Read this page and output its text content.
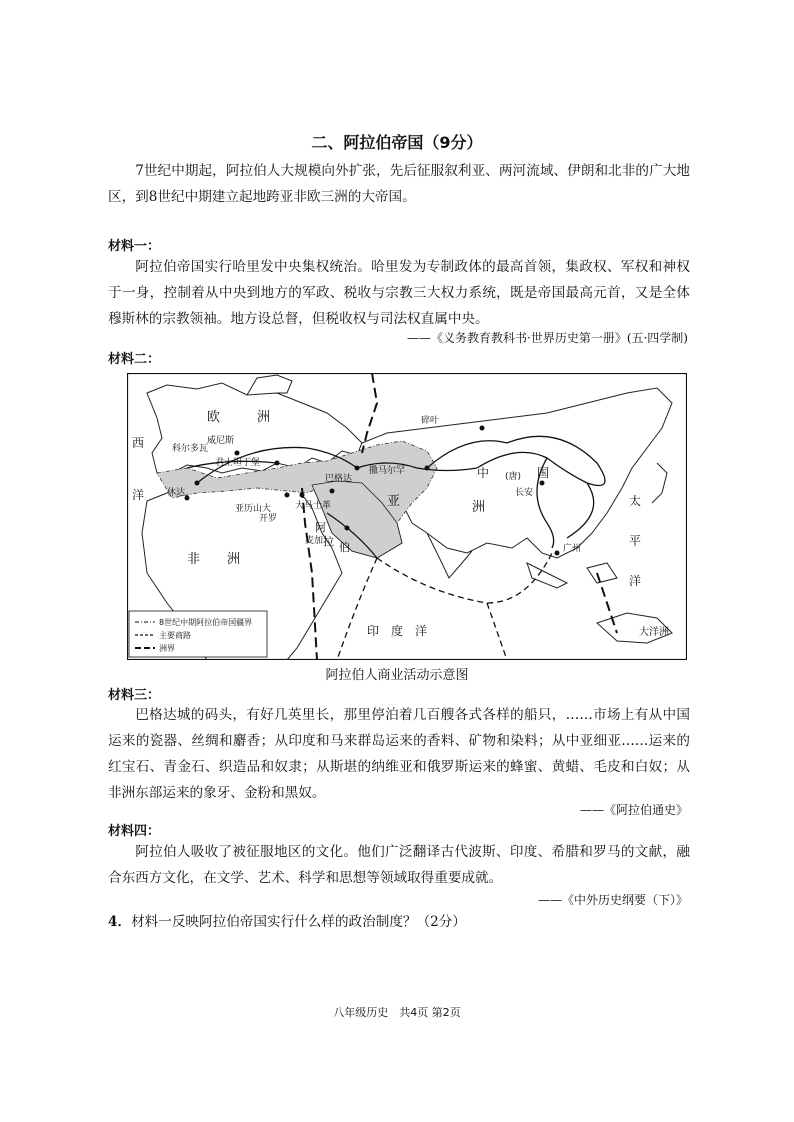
二、阿拉伯帝国（9分）

7世纪中期起，阿拉伯人大规模向外扩张，先后征服叙利亚、两河流域、伊朗和北非的广大地区，到8世纪中期建立起地跨亚非欧三洲的大帝国。

材料一：

阿拉伯帝国实行哈里发中央集权统治。哈里发为专制政体的最高首领，集政权、军权和神权于一身，控制着从中央到地方的军政、税收与宗教三大权力系统，既是帝国最高元首，又是全体穆斯林的宗教领袖。地方设总督，但税收权与司法权直属中央。

——《义务教育教科书·世界历史第一册》(五·四学制)
材料二：
欧	洲
西
洋
非 洲
亚	洲
中	国
(唐)
太
平
洋
印　度　洋
阿
拉 伯
大洋洲
科尔多瓦
威尼斯
君士坦丁堡
巴格达
大马士革
开罗
亚历山大
麦加
撒马尔罕
碎叶
长安
广州
休达
8世纪中期阿拉伯帝国疆界
主要商路
洲界
阿拉伯人商业活动示意图
材料三：

巴格达城的码头，有好几英里长，那里停泊着几百艘各式各样的船只，……市场上有从中国运来的瓷器、丝绸和麝香；从印度和马来群岛运来的香料、矿物和染料；从中亚细亚……运来的红宝石、青金石、织造品和奴隶；从斯堪的纳维亚和俄罗斯运来的蜂蜜、黄蜡、毛皮和白奴；从非洲东部运来的象牙、金粉和黑奴。

——《阿拉伯通史》
材料四：

阿拉伯人吸收了被征服地区的文化。他们广泛翻译古代波斯、印度、希腊和罗马的文献，融合东西方文化，在文学、艺术、科学和思想等领域取得重要成就。

——《中外历史纲要（下）》
4．材料一反映阿拉伯帝国实行什么样的政治制度？（2分）
八年级历史　共4页 第2页
